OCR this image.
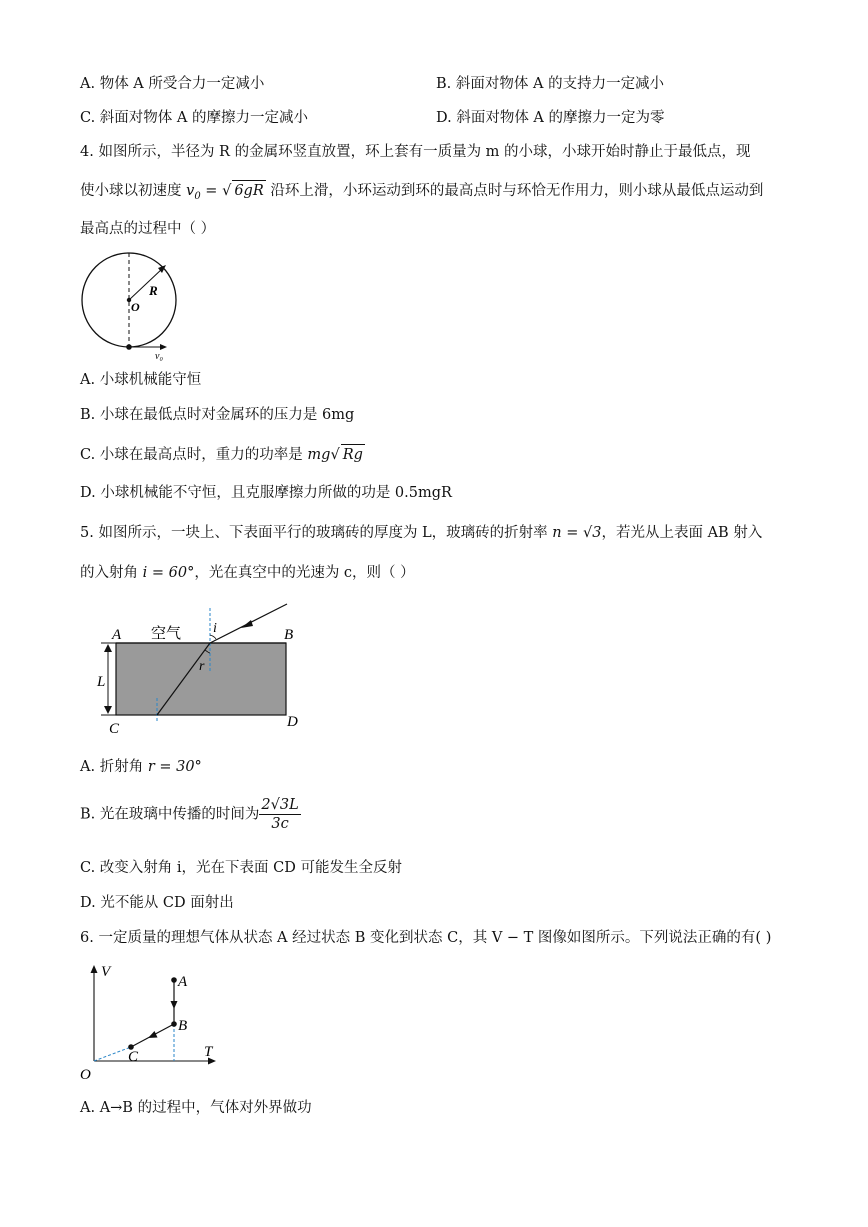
A. 物体 A 所受合力一定减小	B. 斜面对物体 A 的支持力一定减小
C. 斜面对物体 A 的摩擦力一定减小	D. 斜面对物体 A 的摩擦力一定为零
4. 如图所示，半径为 R 的金属环竖直放置，环上套有一质量为 m 的小球，小球开始时静止于最低点，现
使小球以初速度 $v_0$ = √ 6gR 沿环上滑，小环运动到环的最高点时与环恰无作用力，则小球从最低点运动到
最高点的过程中（ ）
R
O
v₀
A. 小球机械能守恒
B. 小球在最低点时对金属环的压力是 6mg
C. 小球在最高点时，重力的功率是 mg√ Rg
D. 小球机械能不守恒，且克服摩擦力所做的功是 0.5mgR
5. 如图所示，一块上、下表面平行的玻璃砖的厚度为 L，玻璃砖的折射率 n = √3，若光从上表面 AB 射入
的入射角 i = 60°，光在真空中的光速为 c，则（ ）
A	B
C	D
L
空气 i
r
A. 折射角 r = 30°
B. 光在玻璃中传播的时间为 $\frac{2√3L}{3c}$
C. 改变入射角 i，光在下表面 CD 可能发生全反射
D. 光不能从 CD 面射出
6. 一定质量的理想气体从状态 A 经过状态 B 变化到状态 C，其 V − T 图像如图所示。下列说法正确的有( )
V
T
O
A
B
C
A. A→B 的过程中，气体对外界做功
